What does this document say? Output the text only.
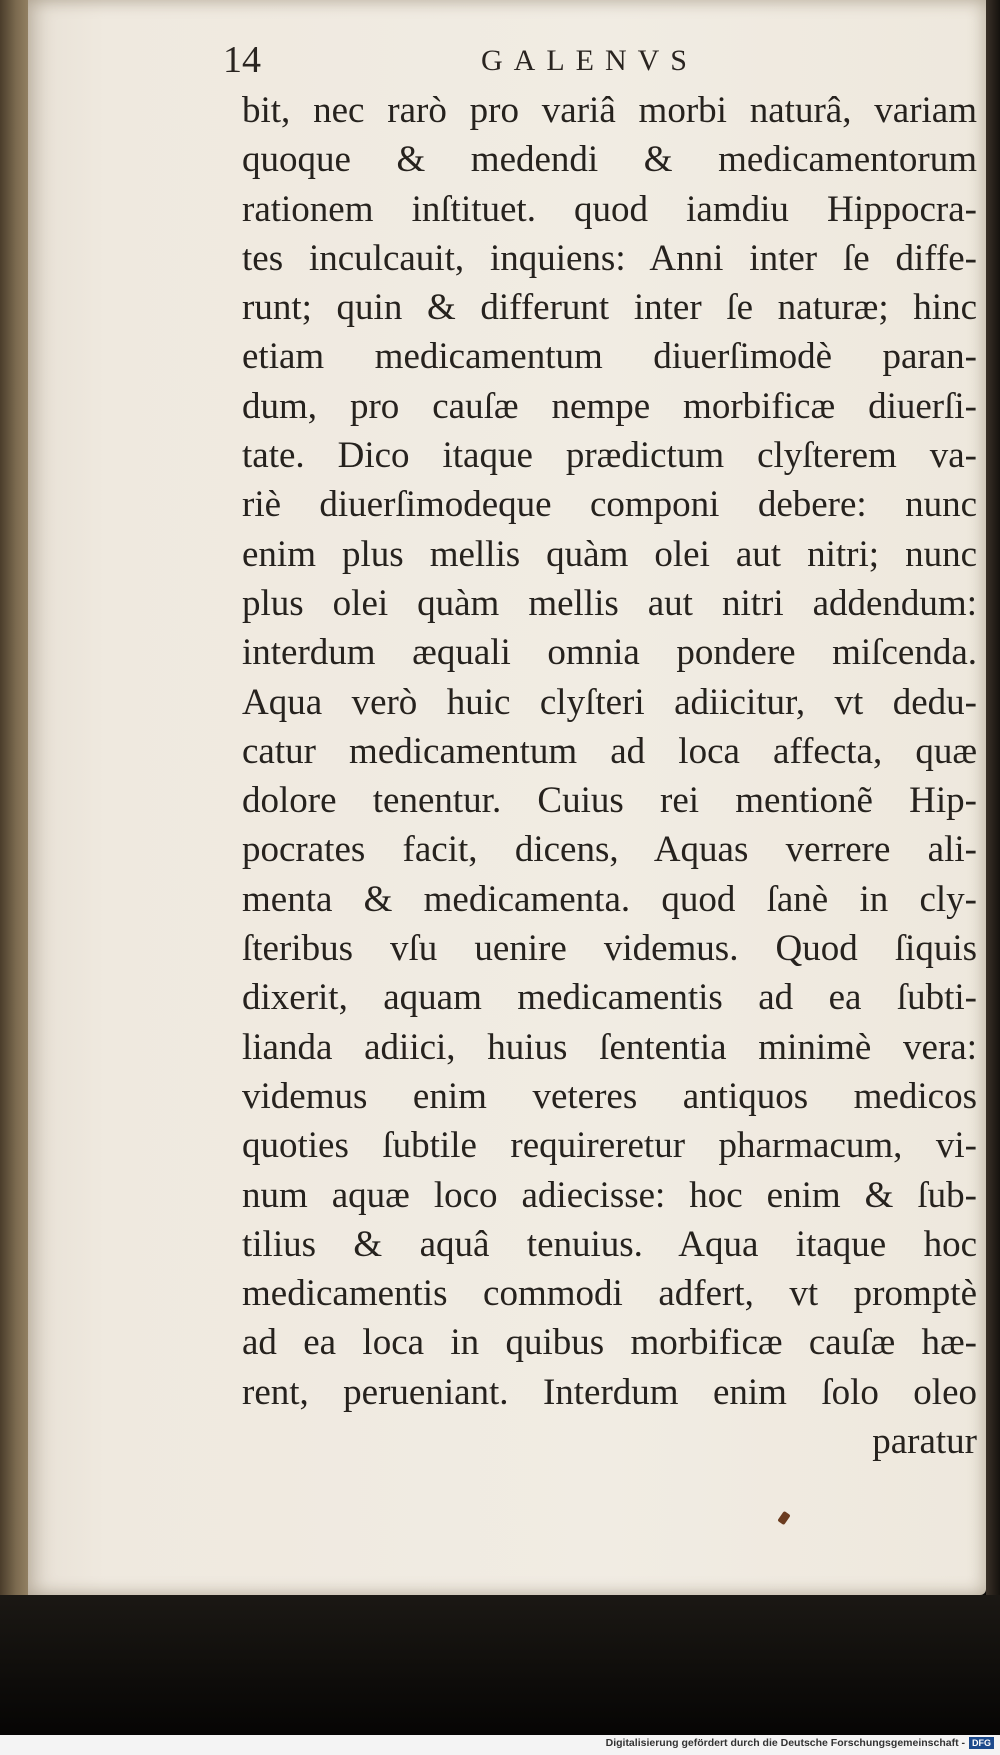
14	GALENVS
bit, nec rarò pro variâ morbi naturâ, variam
quoque & medendi & medicamentorum
rationem inſtituet. quod iamdiu Hippocra-
tes inculcauit, inquiens: Anni inter ſe diffe-
runt; quin & differunt inter ſe naturæ; hinc
etiam medicamentum diuerſimodè paran-
dum, pro cauſæ nempe morbificæ diuerſi-
tate. Dico itaque prædictum clyſterem va-
riè diuerſimodeque componi debere: nunc
enim plus mellis quàm olei aut nitri; nunc
plus olei quàm mellis aut nitri addendum:
interdum æquali omnia pondere miſcenda.
Aqua verò huic clyſteri adiicitur, vt dedu-
catur medicamentum ad loca affecta, quæ
dolore tenentur. Cuius rei mentionẽ Hip-
pocrates facit, dicens, Aquas verrere ali-
menta & medicamenta. quod ſanè in cly-
ſteribus vſu uenire videmus. Quod ſiquis
dixerit, aquam medicamentis ad ea ſubti-
lianda adiici, huius ſententia minimè vera:
videmus enim veteres antiquos medicos
quoties ſubtile requireretur pharmacum, vi-
num aquæ loco adiecisse: hoc enim & ſub-
tilius & aquâ tenuius. Aqua itaque hoc
medicamentis commodi adfert, vt promptè
ad ea loca in quibus morbificæ cauſæ hæ-
rent, perueniant. Interdum enim ſolo oleo
paratur
Digitalisierung gefördert durch die Deutsche Forschungsgemeinschaft - DFG
